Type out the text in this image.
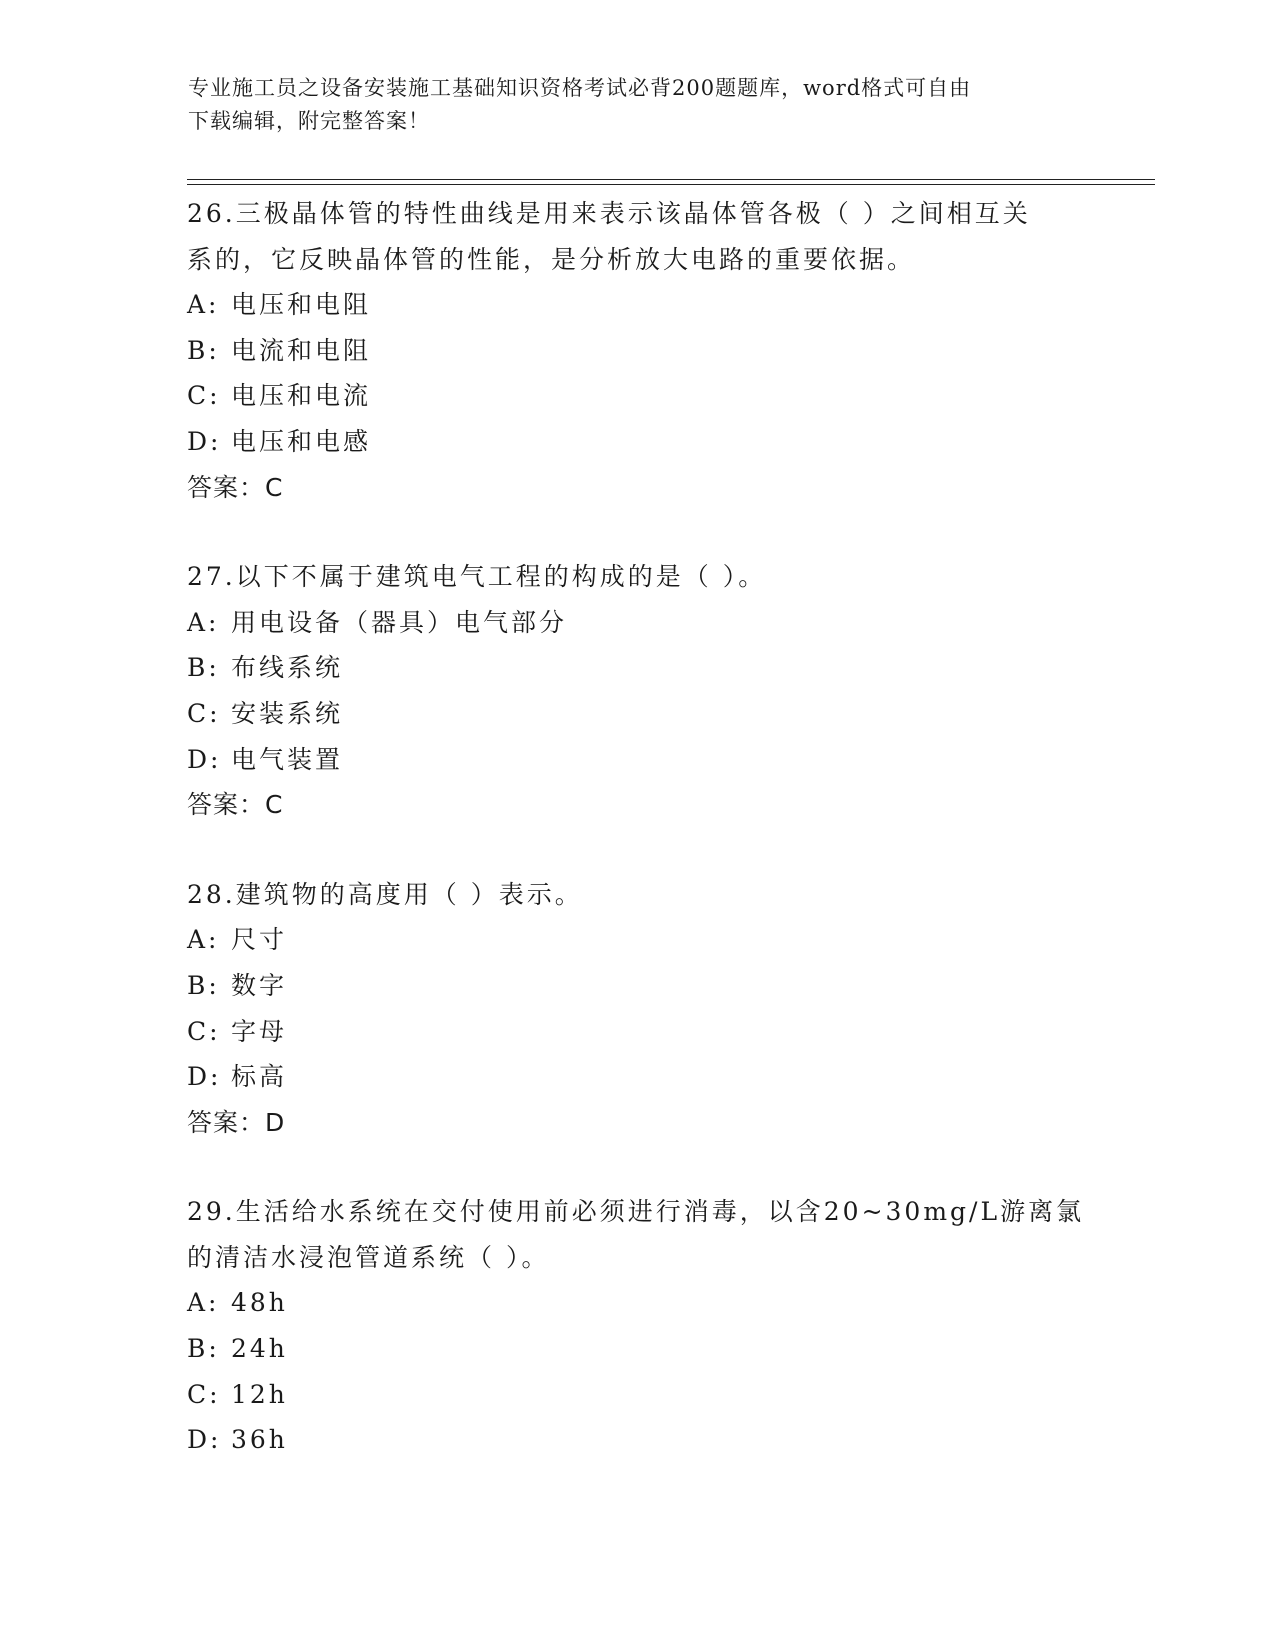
专业施工员之设备安装施工基础知识资格考试必背200题题库，word格式可自由
下载编辑，附完整答案！
26.三极晶体管的特性曲线是用来表示该晶体管各极（ ）之间相互关
系的，它反映晶体管的性能，是分析放大电路的重要依据。
A: 电压和电阻
B: 电流和电阻
C: 电压和电流
D: 电压和电感
答案：C
27.以下不属于建筑电气工程的构成的是（ ）。
A: 用电设备（器具）电气部分
B: 布线系统
C: 安装系统
D: 电气装置
答案：C
28.建筑物的高度用（ ）表示。
A: 尺寸
B: 数字
C: 字母
D: 标高
答案：D
29.生活给水系统在交付使用前必须进行消毒，以含20~30mg/L游离氯
的清洁水浸泡管道系统（ ）。
A: 48h
B: 24h
C: 12h
D: 36h
